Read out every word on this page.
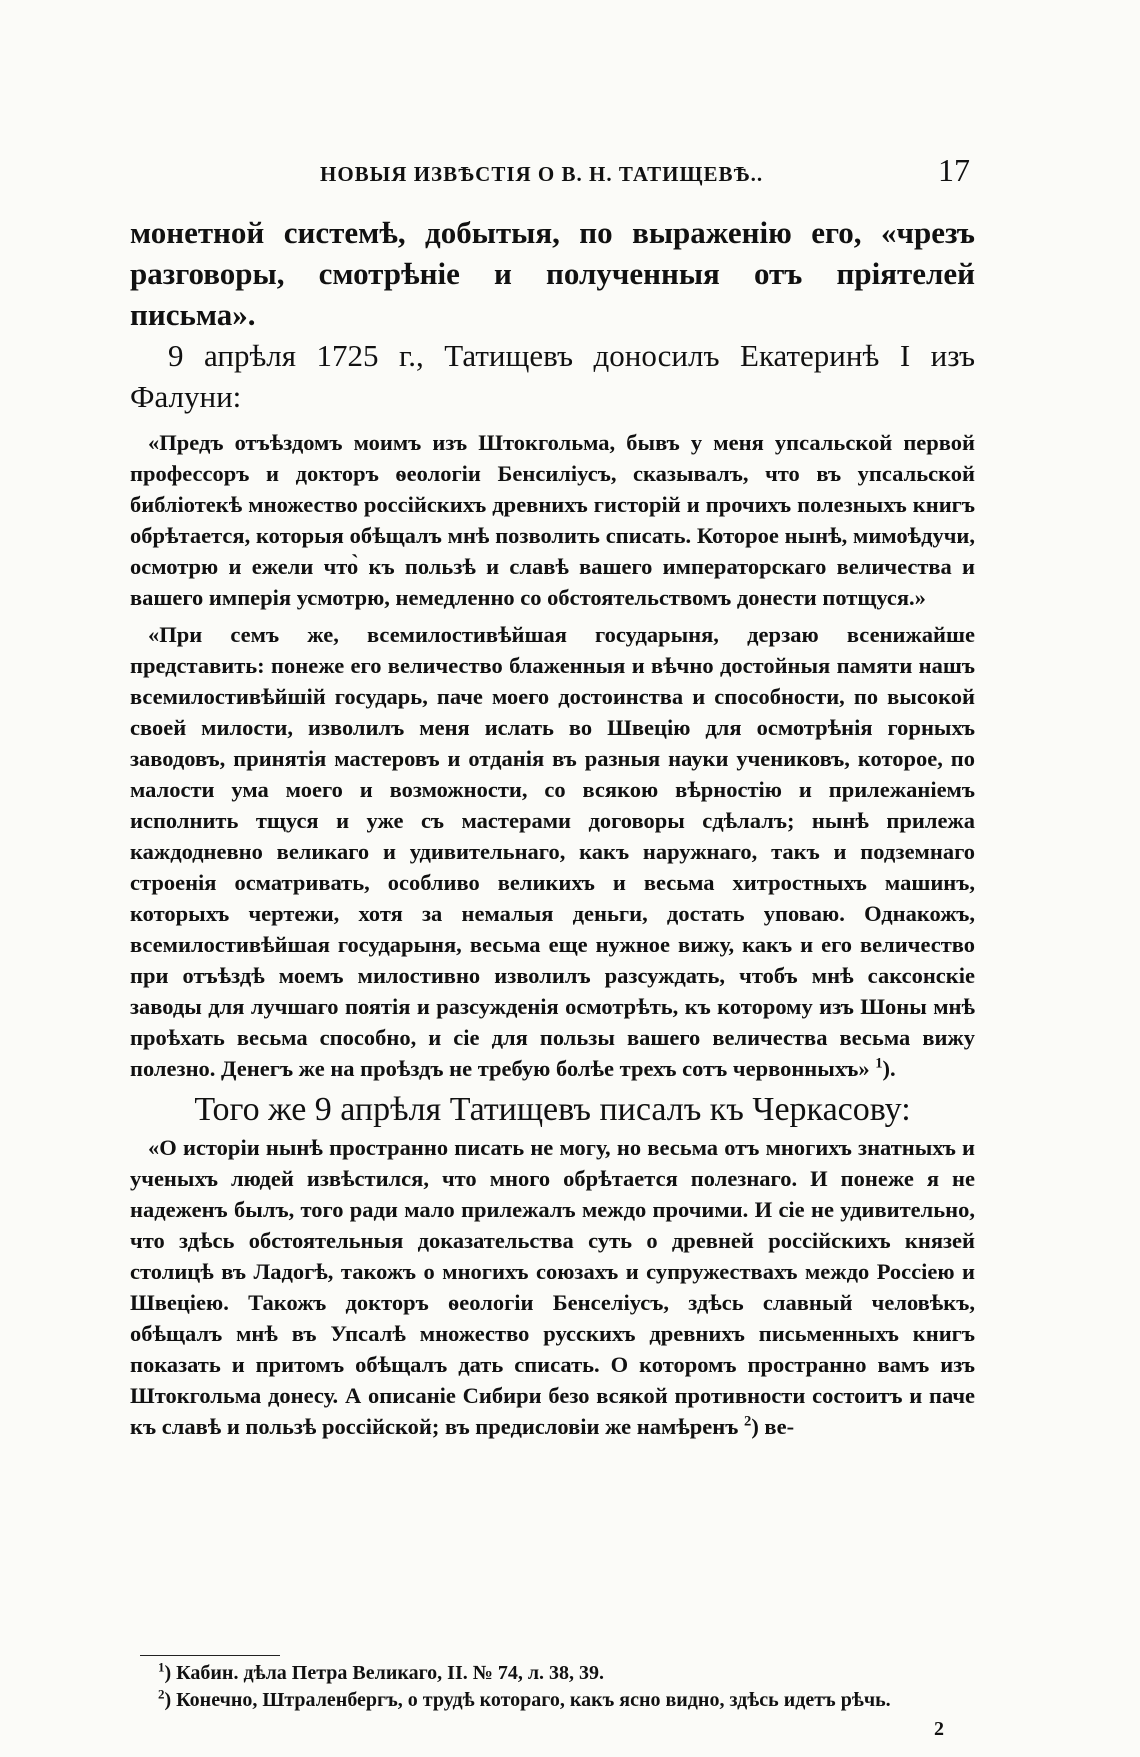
НОВЫЯ ИЗВѢСТІЯ О В. Н. ТАТИЩЕВѢ..	17

монетной системѣ, добытыя, по выраженію его, «чрезъ разговоры, смотрѣніе и полученныя отъ пріятелей письма».

9 апрѣля 1725 г., Татищевъ доносилъ Екатеринѣ I изъ Фалуни:

«Предъ отъѣздомъ моимъ изъ Штокгольма, бывъ у меня упсальской первой профессоръ и докторъ ѳеологіи Бенсиліусъ, сказывалъ, что въ упсальской библіотекѣ множество россійскихъ древнихъ гисторій и прочихъ полезныхъ книгъ обрѣтается, которыя обѣщалъ мнѣ позволить списать. Которое нынѣ, мимоѣдучи, осмотрю и ежели что̀ къ пользѣ и славѣ вашего императорскаго величества и вашего имперія усмотрю, немедленно со обстоятельствомъ донести потщуся.»

«При семъ же, всемилостивѣйшая государыня, дерзаю всенижайше представить: понеже его величество блаженныя и вѣчно достойныя памяти нашъ всемилостивѣйшій государь, паче моего достоинства и способности, по высокой своей милости, изволилъ меня ислать во Швецію для осмотрѣнія горныхъ заводовъ, принятія мастеровъ и отданія въ разныя науки учениковъ, которое, по малости ума моего и возможности, со всякою вѣрностію и прилежаніемъ исполнить тщуся и уже съ мастерами договоры сдѣлалъ; нынѣ прилежа каждодневно великаго и удивительнаго, какъ наружнаго, такъ и подземнаго строенія осматривать, особливо великихъ и весьма хитростныхъ машинъ, которыхъ чертежи, хотя за немалыя деньги, достать уповаю. Однакожъ, всемилостивѣйшая государыня, весьма еще нужное вижу, какъ и его величество при отъѣздѣ моемъ милостивно изволилъ разсуждать, чтобъ мнѣ саксонскіе заводы для лучшаго поятія и разсужденія осмотрѣть, къ которому изъ Шоны мнѣ проѣхать весьма способно, и сіе для пользы вашего величества весьма вижу полезно. Денегъ же на проѣздъ не требую болѣе трехъ сотъ червонныхъ» $^1$).

Того же 9 апрѣля Татищевъ писалъ къ Черкасову:

«О исторіи нынѣ пространно писать не могу, но весьма отъ многихъ знатныхъ и ученыхъ людей извѣстился, что много обрѣтается полезнаго. И понеже я не надеженъ былъ, того ради мало прилежалъ междо прочими. И сіе не удивительно, что здѣсь обстоятельныя доказательства суть о древней россійскихъ князей столицѣ въ Ладогѣ, такожъ о многихъ союзахъ и супружествахъ междо Россіею и Швеціею. Такожъ докторъ ѳеологіи Бенселіусъ, здѣсь славный человѣкъ, обѣщалъ мнѣ въ Упсалѣ множество русскихъ древнихъ письменныхъ книгъ показать и притомъ обѣщалъ дать списать. О которомъ пространно вамъ изъ Штокгольма донесу. А описаніе Сибири безо всякой противности состоитъ и паче къ славѣ и пользѣ россійской; въ предисловіи же намѣренъ $^2$) ве-

$^1$) Кабин. дѣла Петра Великаго, II. № 74, л. 38, 39.

$^2$) Конечно, Штраленбергъ, о трудѣ котораго, какъ ясно видно, здѣсь идетъ рѣчь.

2
